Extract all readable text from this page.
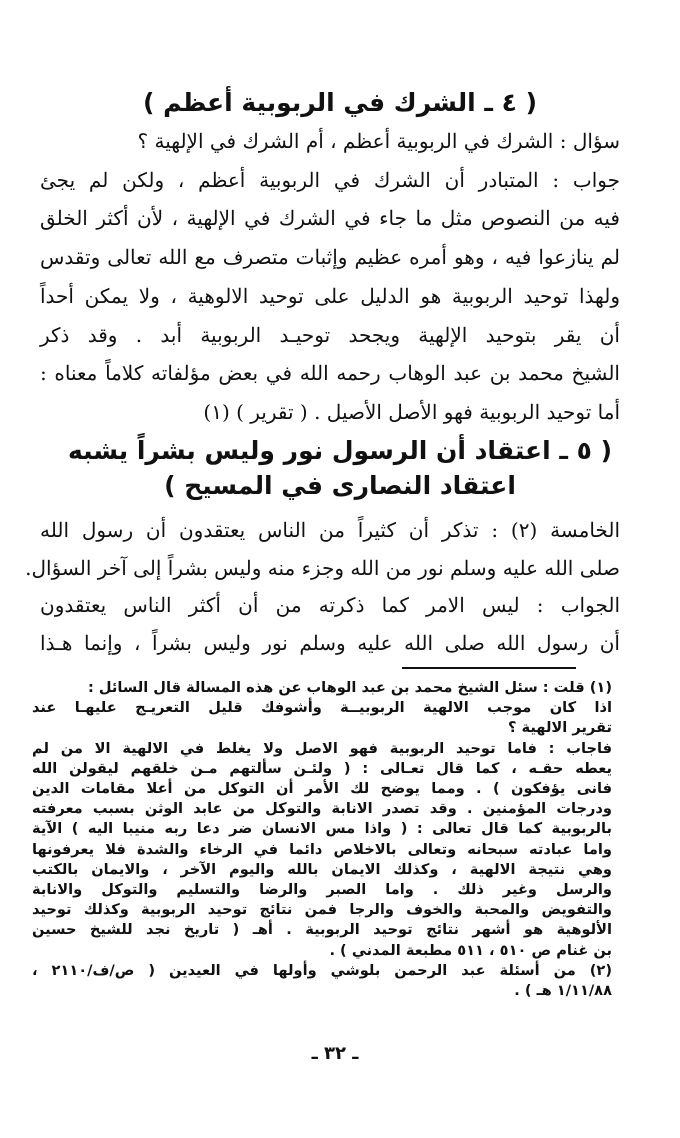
( ٤ ـ الشرك في الربوبية أعظم )
سؤال : الشرك في الربوبية أعظم ، أم الشرك في الإلهية ؟
جواب : المتبادر أن الشرك في الربوبية أعظم ، ولكن لم يجئ
فيه من النصوص مثل ما جاء في الشرك في الإلهية ، لأن أكثر الخلق
لم ينازعوا فيه ، وهو أمره عظيم وإثبات متصرف مع الله تعالى وتقدس
ولهذا توحيد الربوبية هو الدليل على توحيد الالوهية ، ولا يمكن أحداً
أن يقر بتوحيد الإلهية ويجحد توحيـد الربوبية أبد . وقد ذكر
الشيخ محمد بن عبد الوهاب رحمه الله في بعض مؤلفاته كلاماً معناه :
أما توحيد الربوبية فهو الأصل الأصيل . ( تقرير ) (١)
( ٥ ـ اعتقاد أن الرسول نور وليس بشراً يشبه
اعتقاد النصارى في المسيح )
الخامسة (٢) : تذكر أن كثيراً من الناس يعتقدون أن رسول الله
صلى الله عليه وسلم نور من الله وجزء منه وليس بشراً إلى آخر السؤال.
الجواب : ليس الامر كما ذكرته من أن أكثر الناس يعتقدون
أن رسول الله صلى الله عليه وسلم نور وليس بشراً ، وإنما هـذا
(١) قلت : سئل الشيخ محمد بن عبد الوهاب عن هذه المسالة قال السائل :
اذا كان موجب الالهية الربوبيــة وأشوفك قليل التعريـج عليهـا عند
تقرير الالهية ؟
فاجاب : فاما توحيد الربوبية فهو الاصل ولا يغلط في الالهية الا من لم
يعطه حقـه ، كما قال تعـالى : ( ولئـن سألتهم مـن خلقهم ليقولن الله
فانى يؤفكون ) . ومما يوضح لك الأمر أن التوكل من أعلا مقامات الدين
ودرجات المؤمنين . وقد تصدر الانابة والتوكل من عابد الوثن بسبب معرفته
بالربوبية كما قال تعالى : ( واذا مس الانسان ضر دعا ربه منيبا اليه ) الآية
واما عبادته سبحانه وتعالى بالاخلاص دائما في الرخاء والشدة فلا يعرفونها
وهي نتيجة الالهية ، وكذلك الايمان بالله واليوم الآخر ، والايمان بالكتب
والرسل وغير ذلك . واما الصبر والرضا والتسليم والتوكل والانابة
والتفويض والمحبة والخوف والرجا فمن نتائج توحيد الربوبية وكذلك توحيد
الألوهية هو أشهر نتائج توحيد الربوبية . أهـ ( تاريخ نجد للشيخ حسين
بن غنام ص ٥١٠ ، ٥١١ مطبعة المدني ) .
(٢) من أسئلة عبد الرحمن بلوشي وأولها في العيدين ( ص/ف/٢١١٠ ،
١/١١/٨٨ هـ ) .
ـ ٣٢ ـ
